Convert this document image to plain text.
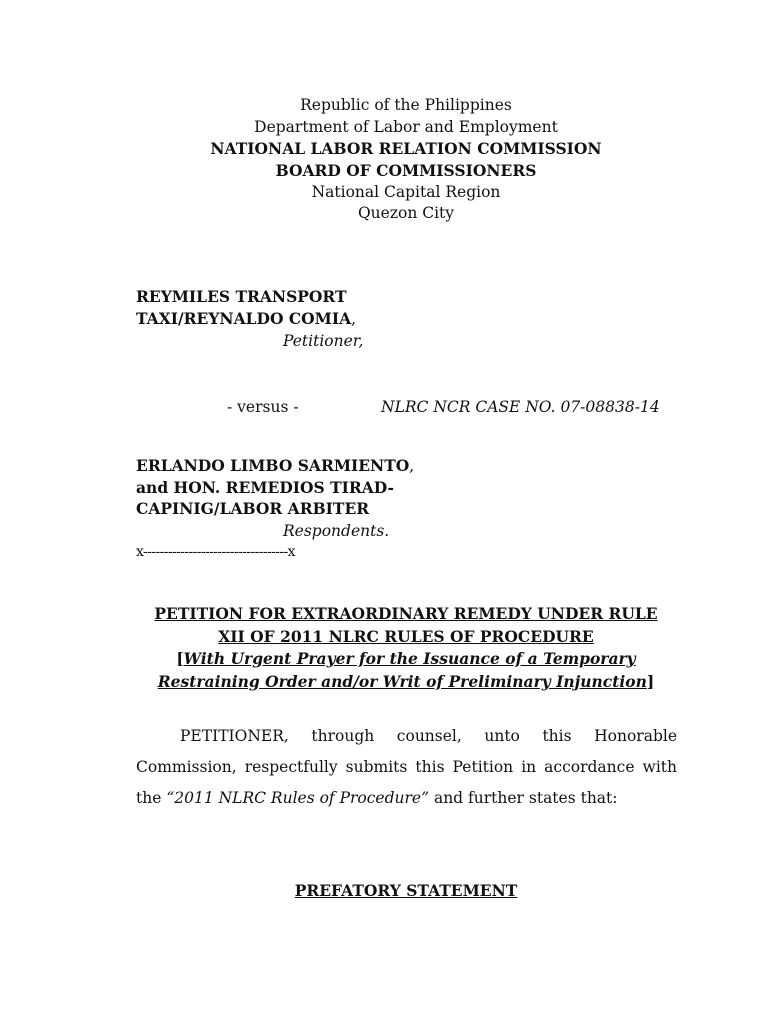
Republic of the Philippines
Department of Labor and Employment
NATIONAL LABOR RELATION COMMISSION
BOARD OF COMMISSIONERS
National Capital Region
Quezon City
REYMILES TRANSPORT
TAXI/REYNALDO COMIA,
Petitioner,
- versus -	NLRC NCR CASE NO. 07-08838-14
ERLANDO LIMBO SARMIENTO,
and HON. REMEDIOS TIRAD-
CAPINIG/LABOR ARBITER
Respondents.
x-----------------------------------x
PETITION FOR EXTRAORDINARY REMEDY UNDER RULE
XII OF 2011 NLRC RULES OF PROCEDURE
[With Urgent Prayer for the Issuance of a Temporary
Restraining Order and/or Writ of Preliminary Injunction]
PETITIONER, through counsel, unto this Honorable Commission, respectfully submits this Petition in accordance with the “2011 NLRC Rules of Procedure” and further states that:
PREFATORY STATEMENT
